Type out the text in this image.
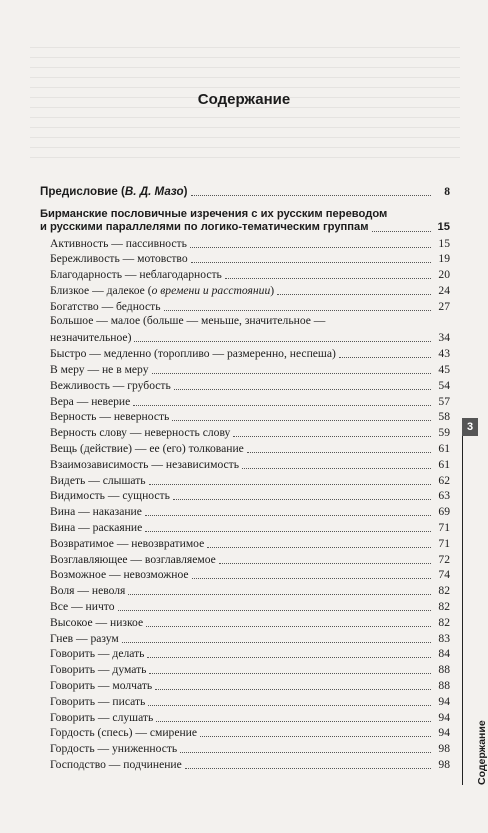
Содержание
Предисловие (В. Д. Мазо)	8
Бирманские пословичные изречения с их русским переводом
и русскими параллелями по логико-тематическим группам	15
Активность — пассивность	15
Бережливость — мотовство	19
Благодарность — неблагодарность	20
Близкое — далекое (о времени и расстоянии)	24
Богатство — бедность	27
Большое — малое (больше — меньше, значительное —
незначительное)	34
Быстро — медленно (торопливо — размеренно, неспеша)	43
В меру — не в меру	45
Вежливость — грубость	54
Вера — неверие	57
Верность — неверность	58
Верность слову — неверность слову	59
Вещь (действие) — ее (его) толкование	61
Взаимозависимость — независимость	61
Видеть — слышать	62
Видимость — сущность	63
Вина — наказание	69
Вина — раскаяние	71
Возвратимое — невозвратимое	71
Возглавляющее — возглавляемое	72
Возможное — невозможное	74
Воля — неволя	82
Все — ничто	82
Высокое — низкое	82
Гнев — разум	83
Говорить — делать	84
Говорить — думать	88
Говорить — молчать	88
Говорить — писать	94
Говорить — слушать	94
Гордость (спесь) — смирение	94
Гордость — униженность	98
Господство — подчинение	98
3
Содержание
